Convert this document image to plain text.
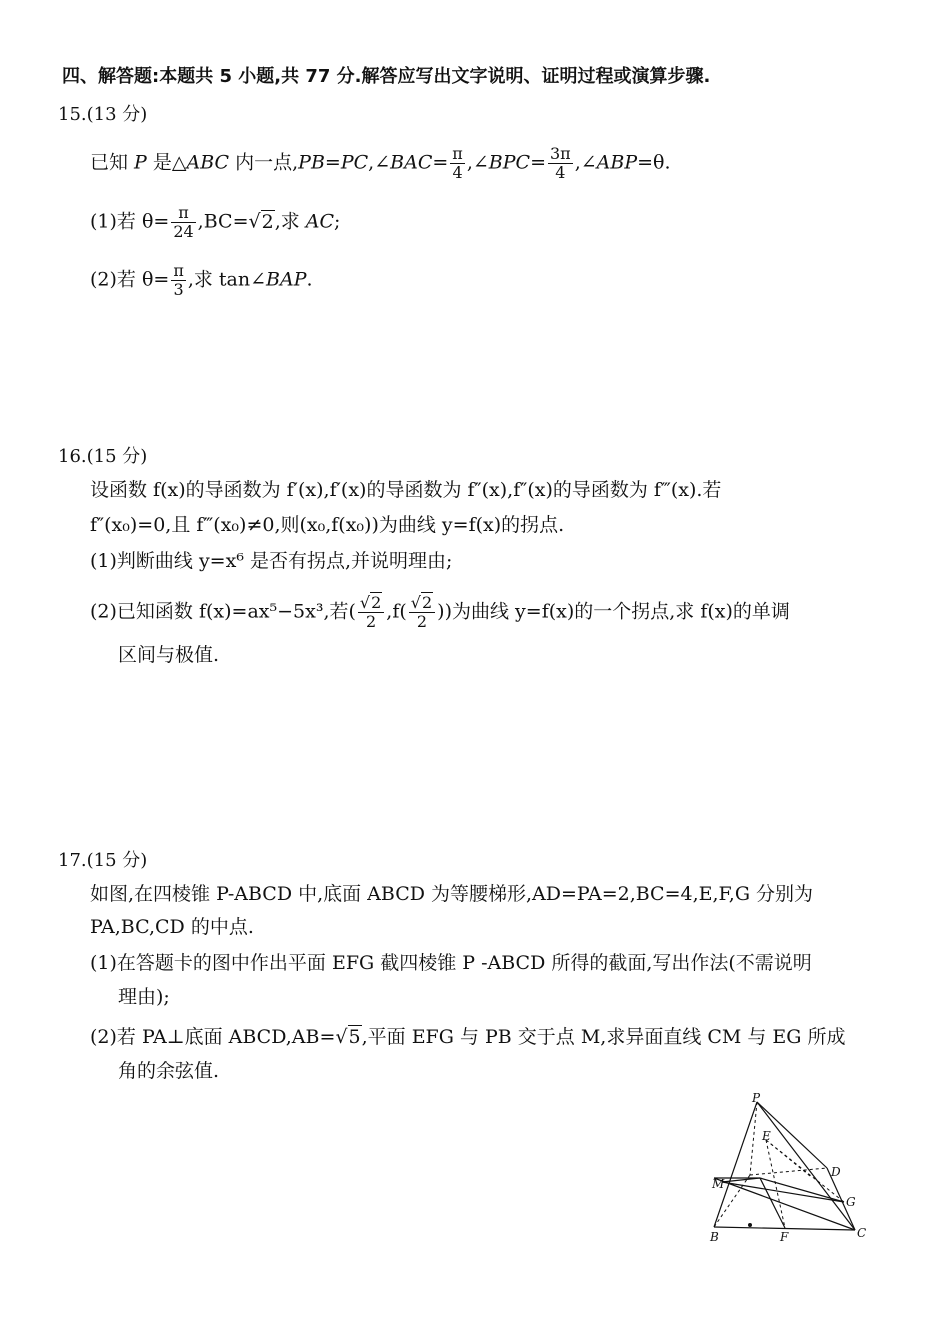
四、解答题:本题共 5 小题,共 77 分.解答应写出文字说明、证明过程或演算步骤.
15.(13 分)
已知 P 是△ABC 内一点,PB=PC,∠BAC= $\frac{\pi}{4}$ ,∠BPC= $\frac{3\pi}{4}$ ,∠ABP=θ.
(1)若 $\theta= \frac{\pi}{24} ,BC=√2$,求 AC;
(2)若 $\theta= \frac{\pi}{3}$ ,求 tan∠BAP.
16.(15 分)
设函数 f(x)的导函数为 f′(x),f′(x)的导函数为 f″(x),f″(x)的导函数为 f‴(x).若
f″(x₀)=0,且 f‴(x₀)≠0,则(x₀,f(x₀))为曲线 y=f(x)的拐点.
(1)判断曲线 y=x⁶ 是否有拐点,并说明理由;
(2)已知函数 f(x)=ax⁵−5x³,若( $\frac{√2}{2} ,f( \frac{√2}{2}$ ))为曲线 y=f(x)的一个拐点,求 f(x)的单调
区间与极值.
17.(15 分)
如图,在四棱锥 P-ABCD 中,底面 ABCD 为等腰梯形,AD=PA=2,BC=4,E,F,G 分别为
PA,BC,CD 的中点.
(1)在答题卡的图中作出平面 EFG 截四棱锥 P -ABCD 所得的截面,写出作法(不需说明
理由);
(2)若 PA⊥底面 ABCD,AB=√5,平面 EFG 与 PB 交于点 M,求异面直线 CM 与 EG 所成
角的余弦值.
P
E
D
M
G
B	F	C
